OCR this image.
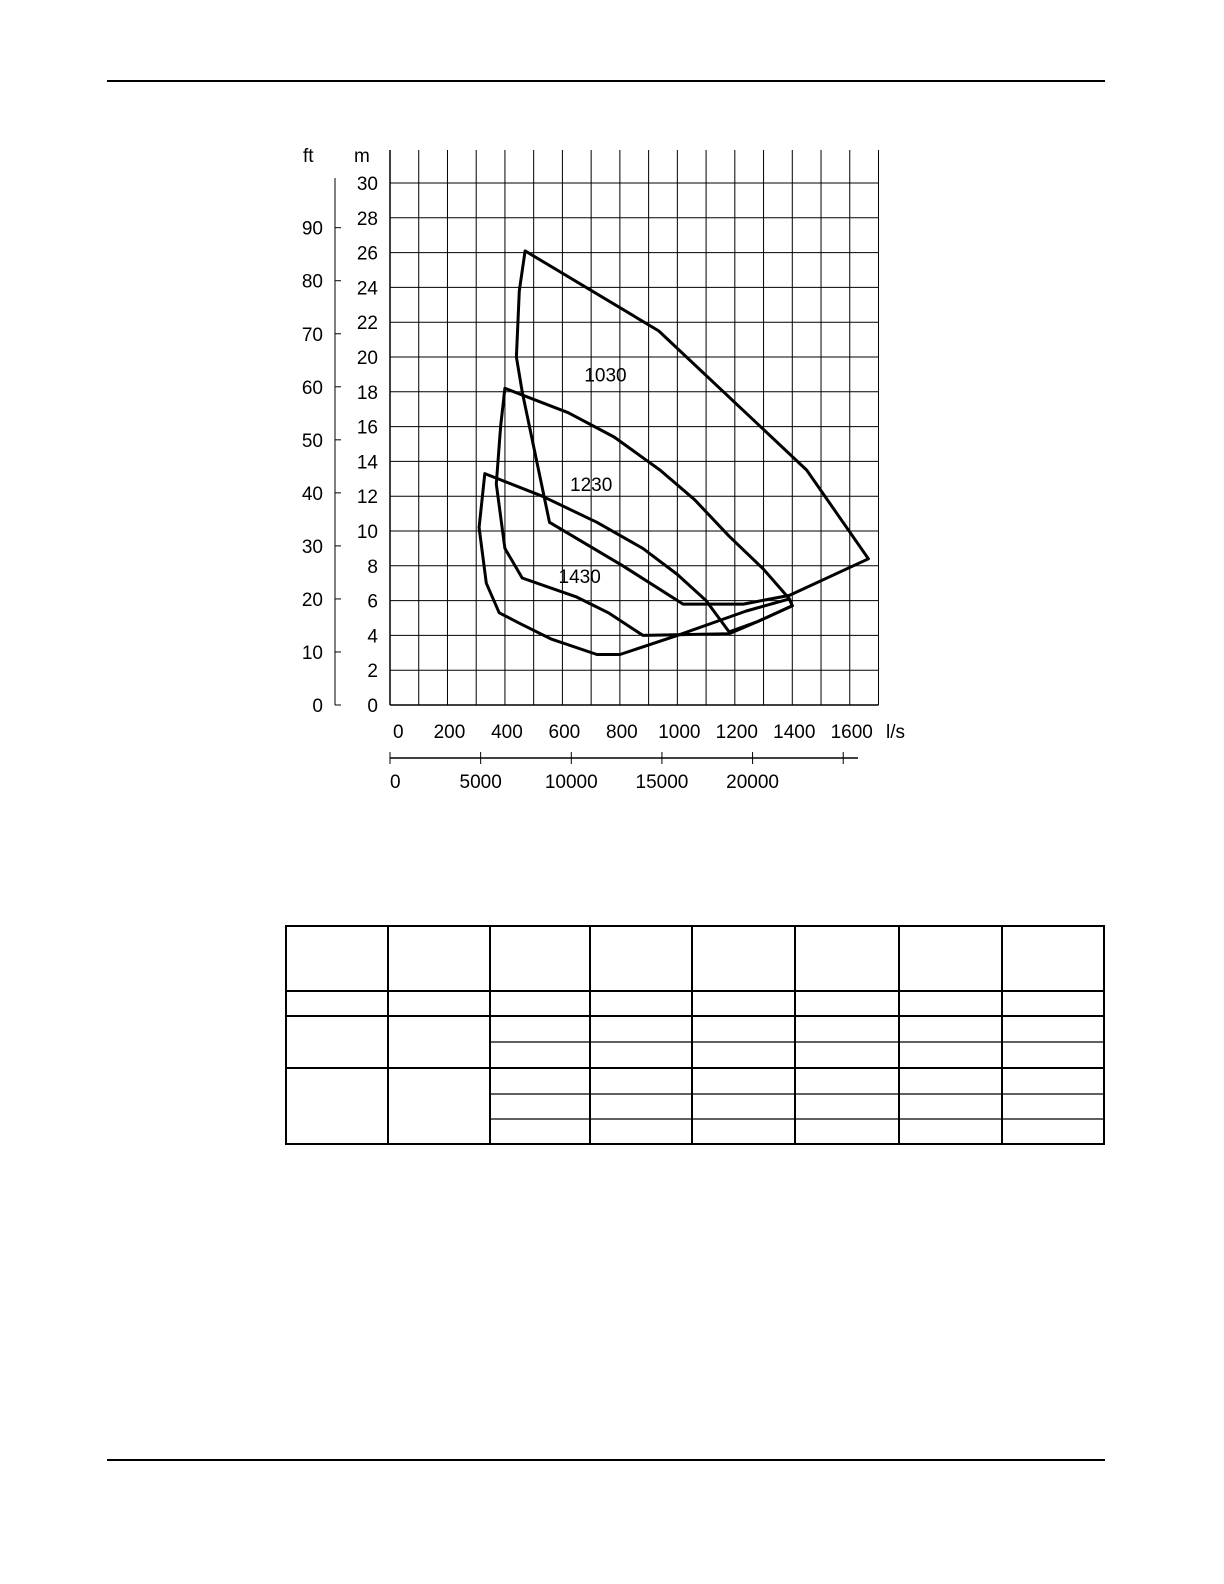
1030
1230
1430
0
2
4
6
8
10
12
14
16
18
20
22
24
26
28
30
0
10
20
30
40
50
60
70
80
90
0 200 400 600 800 1000 1200 1400 1600
0	5000 10000 15000 20000
ft m
l/s
